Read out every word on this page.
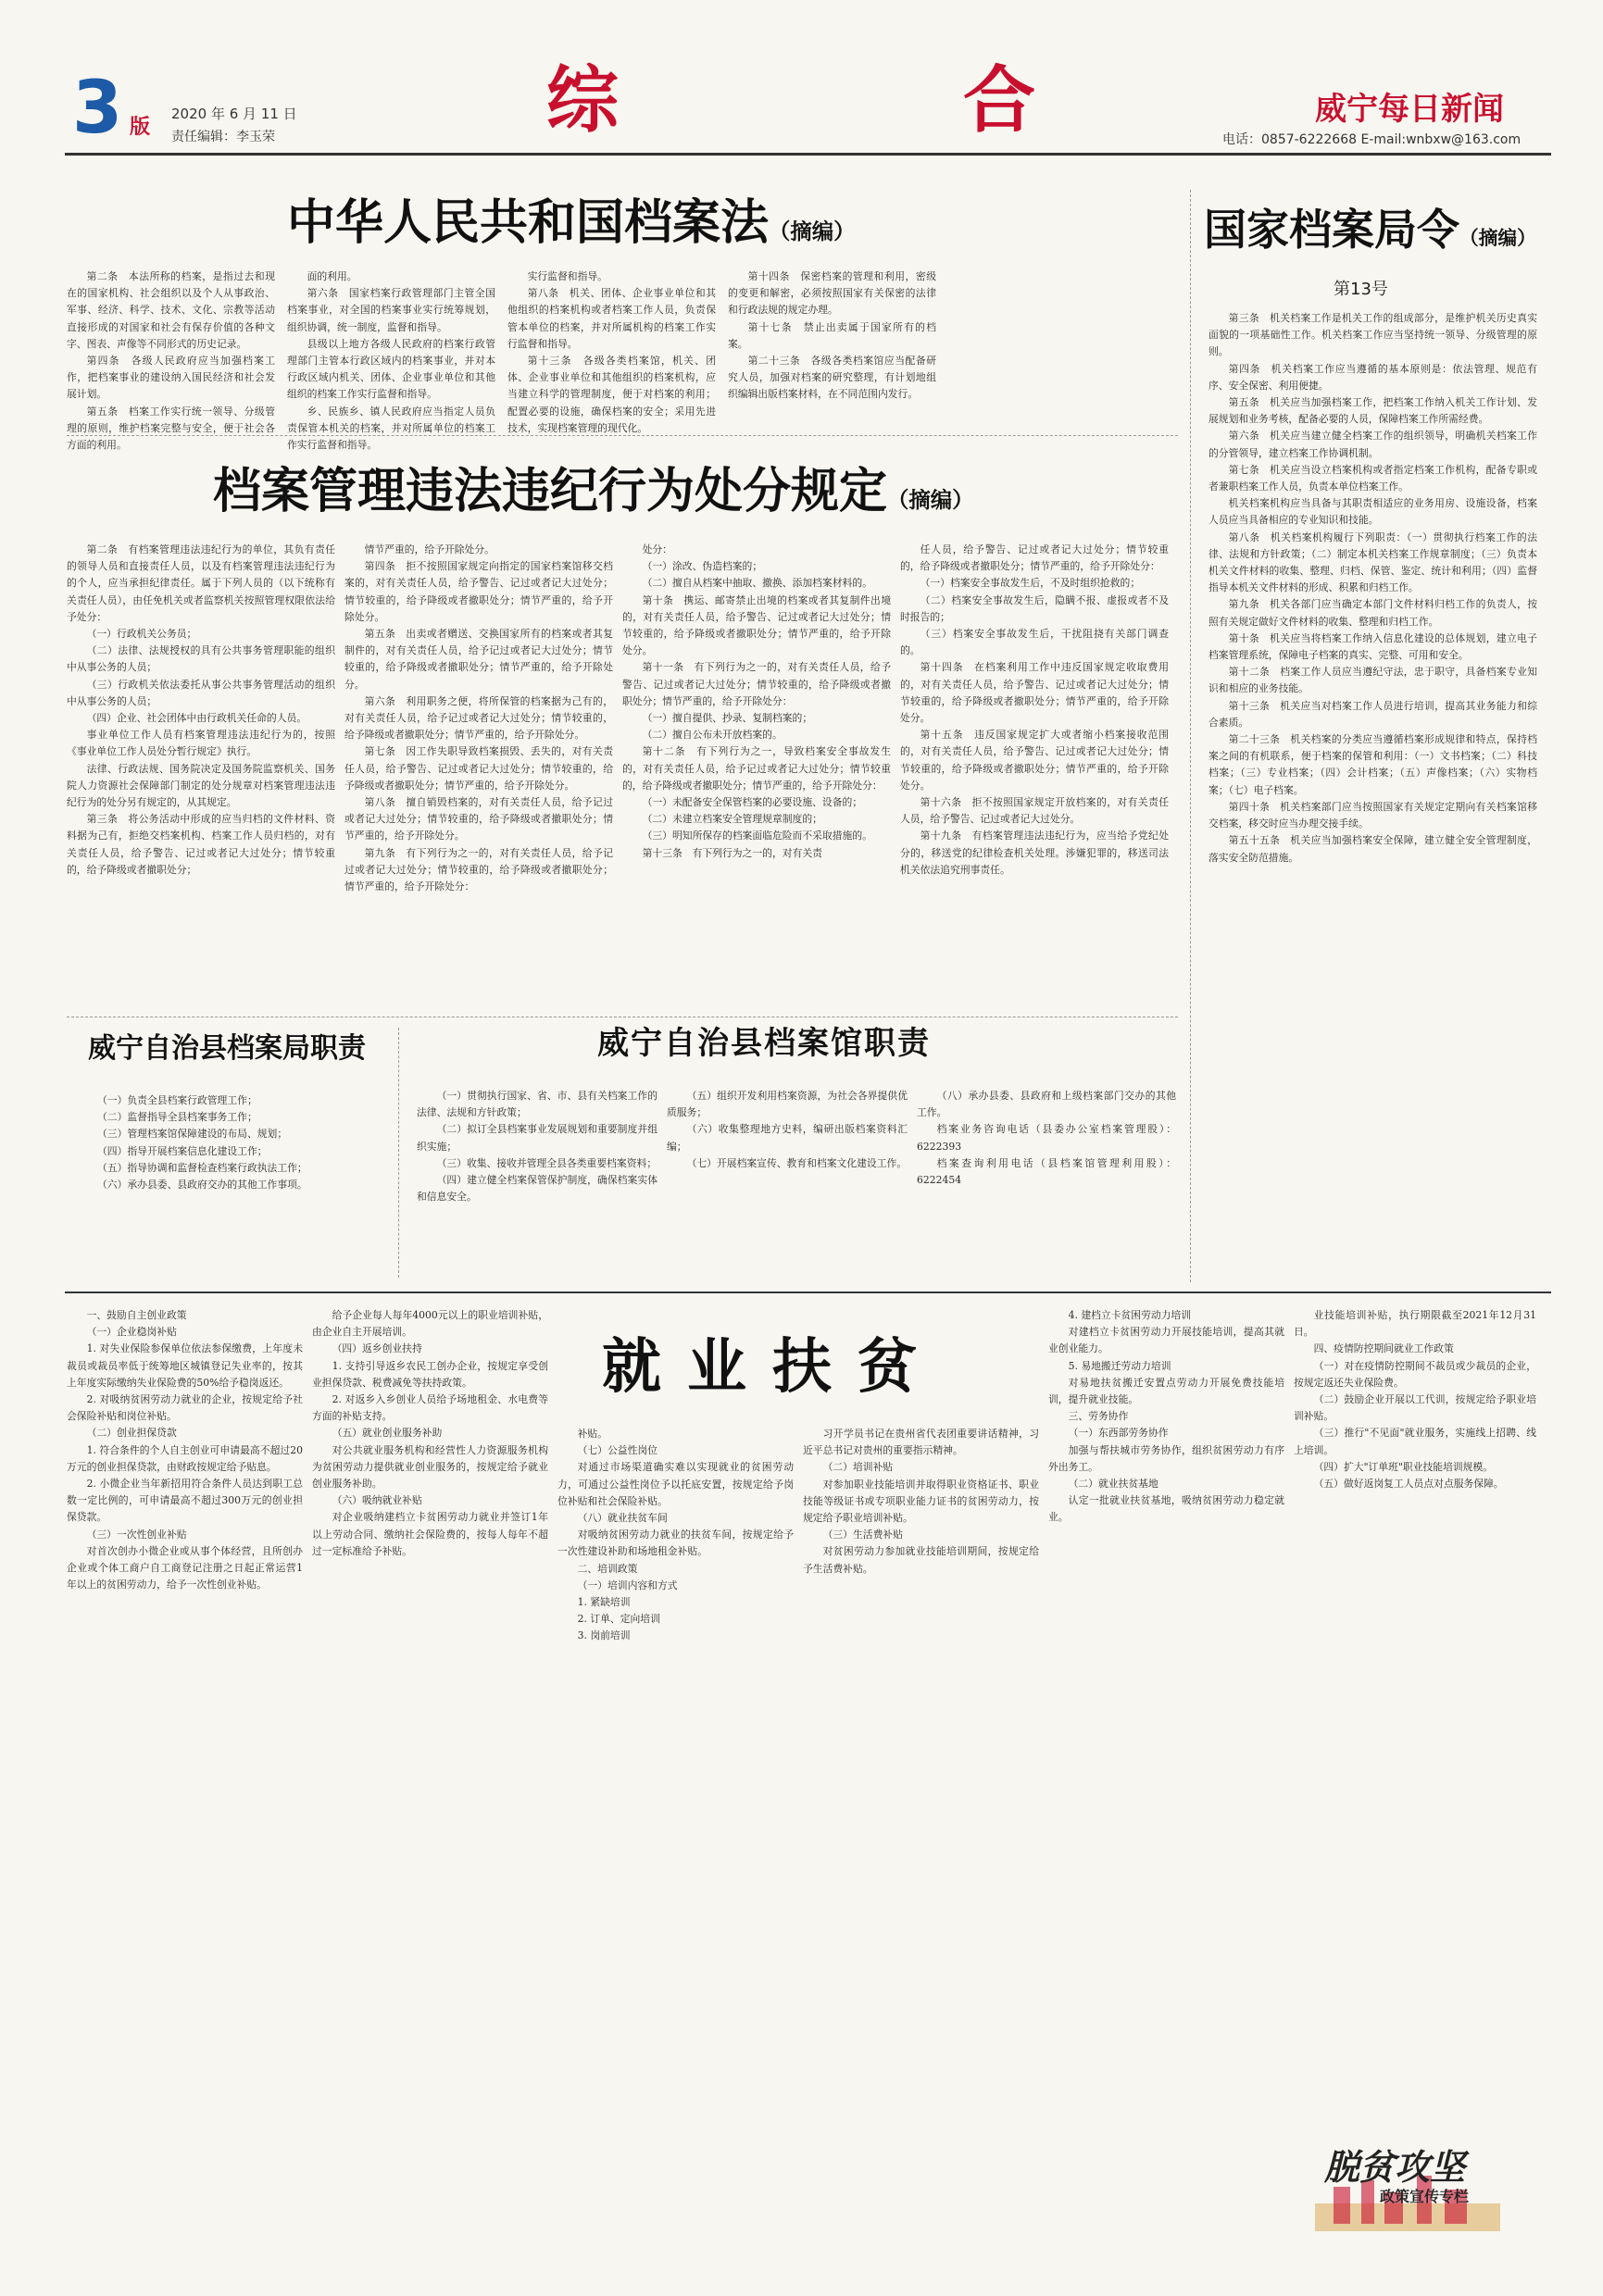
3 版
2020 年 6 月 11 日
责任编辑：李玉荣	综	合	威宁每日新闻
电话：0857-6222668 E-mail:wnbxw@163.com
中华人民共和国档案法（摘编）

第二条　本法所称的档案，是指过去和现在的国家机构、社会组织以及个人从事政治、军事、经济、科学、技术、文化、宗教等活动直接形成的对国家和社会有保存价值的各种文字、图表、声像等不同形式的历史记录。

第四条　各级人民政府应当加强档案工作，把档案事业的建设纳入国民经济和社会发展计划。

第五条　档案工作实行统一领导、分级管理的原则，维护档案完整与安全，便于社会各方面的利用。

面的利用。

第六条　国家档案行政管理部门主管全国档案事业，对全国的档案事业实行统筹规划，组织协调，统一制度，监督和指导。

县级以上地方各级人民政府的档案行政管理部门主管本行政区域内的档案事业，并对本行政区域内机关、团体、企业事业单位和其他组织的档案工作实行监督和指导。

乡、民族乡、镇人民政府应当指定人员负责保管本机关的档案，并对所属单位的档案工作实行监督和指导。

实行监督和指导。

第八条　机关、团体、企业事业单位和其他组织的档案机构或者档案工作人员，负责保管本单位的档案，并对所属机构的档案工作实行监督和指导。

第十三条　各级各类档案馆，机关、团体、企业事业单位和其他组织的档案机构，应当建立科学的管理制度，便于对档案的利用；配置必要的设施，确保档案的安全；采用先进技术，实现档案管理的现代化。

第十四条　保密档案的管理和利用，密级的变更和解密，必须按照国家有关保密的法律和行政法规的规定办理。

第十七条　禁止出卖属于国家所有的档案。

第二十三条　各级各类档案馆应当配备研究人员，加强对档案的研究整理，有计划地组织编辑出版档案材料，在不同范围内发行。

档案管理违法违纪行为处分规定（摘编）

第二条　有档案管理违法违纪行为的单位，其负有责任的领导人员和直接责任人员，以及有档案管理违法违纪行为的个人，应当承担纪律责任。属于下列人员的（以下统称有关责任人员），由任免机关或者监察机关按照管理权限依法给予处分：

（一）行政机关公务员；

（二）法律、法规授权的具有公共事务管理职能的组织中从事公务的人员；

（三）行政机关依法委托从事公共事务管理活动的组织中从事公务的人员；

（四）企业、社会团体中由行政机关任命的人员。

事业单位工作人员有档案管理违法违纪行为的，按照《事业单位工作人员处分暂行规定》执行。

法律、行政法规、国务院决定及国务院监察机关、国务院人力资源社会保障部门制定的处分规章对档案管理违法违纪行为的处分另有规定的，从其规定。

第三条　将公务活动中形成的应当归档的文件材料、资料据为己有，拒绝交档案机构、档案工作人员归档的，对有关责任人员，给予警告、记过或者记大过处分；情节较重的，给予降级或者撤职处分；

情节严重的，给予开除处分。

第四条　拒不按照国家规定向指定的国家档案馆移交档案的，对有关责任人员，给予警告、记过或者记大过处分；情节较重的，给予降级或者撤职处分；情节严重的，给予开除处分。

第五条　出卖或者赠送、交换国家所有的档案或者其复制件的，对有关责任人员，给予记过或者记大过处分；情节较重的，给予降级或者撤职处分；情节严重的，给予开除处分。

第六条　利用职务之便，将所保管的档案据为己有的，对有关责任人员，给予记过或者记大过处分；情节较重的，给予降级或者撤职处分；情节严重的，给予开除处分。

第七条　因工作失职导致档案损毁、丢失的，对有关责任人员，给予警告、记过或者记大过处分；情节较重的，给予降级或者撤职处分；情节严重的，给予开除处分。

第八条　擅自销毁档案的，对有关责任人员，给予记过或者记大过处分；情节较重的，给予降级或者撤职处分；情节严重的，给予开除处分。

第九条　有下列行为之一的，对有关责任人员，给予记过或者记大过处分；情节较重的，给予降级或者撤职处分；情节严重的，给予开除处分：

处分：

（一）涂改、伪造档案的；

（二）擅自从档案中抽取、撤换、添加档案材料的。

第十条　携运、邮寄禁止出境的档案或者其复制件出境的，对有关责任人员，给予警告、记过或者记大过处分；情节较重的，给予降级或者撤职处分；情节严重的，给予开除处分。

第十一条　有下列行为之一的，对有关责任人员，给予警告、记过或者记大过处分；情节较重的，给予降级或者撤职处分；情节严重的，给予开除处分：

（一）擅自提供、抄录、复制档案的；

（二）擅自公布未开放档案的。

第十二条　有下列行为之一，导致档案安全事故发生的，对有关责任人员，给予记过或者记大过处分；情节较重的，给予降级或者撤职处分；情节严重的，给予开除处分：

（一）未配备安全保管档案的必要设施、设备的；

（二）未建立档案安全管理规章制度的；

（三）明知所保存的档案面临危险而不采取措施的。

第十三条　有下列行为之一的，对有关责

任人员，给予警告、记过或者记大过处分；情节较重的，给予降级或者撤职处分；情节严重的，给予开除处分：

（一）档案安全事故发生后，不及时组织抢救的；

（二）档案安全事故发生后，隐瞒不报、虚报或者不及时报告的；

（三）档案安全事故发生后，干扰阻挠有关部门调查的。

第十四条　在档案利用工作中违反国家规定收取费用的，对有关责任人员，给予警告、记过或者记大过处分；情节较重的，给予降级或者撤职处分；情节严重的，给予开除处分。

第十五条　违反国家规定扩大或者缩小档案接收范围的，对有关责任人员，给予警告、记过或者记大过处分；情节较重的，给予降级或者撤职处分；情节严重的，给予开除处分。

第十六条　拒不按照国家规定开放档案的，对有关责任人员，给予警告、记过或者记大过处分。

第十九条　有档案管理违法违纪行为，应当给予党纪处分的，移送党的纪律检查机关处理。涉嫌犯罪的，移送司法机关依法追究刑事责任。

国家档案局令（摘编）
第13号

第三条　机关档案工作是机关工作的组成部分，是维护机关历史真实面貌的一项基础性工作。机关档案工作应当坚持统一领导、分级管理的原则。

第四条　机关档案工作应当遵循的基本原则是：依法管理、规范有序、安全保密、利用便捷。

第五条　机关应当加强档案工作，把档案工作纳入机关工作计划、发展规划和业务考核，配备必要的人员，保障档案工作所需经费。

第六条　机关应当建立健全档案工作的组织领导，明确机关档案工作的分管领导，建立档案工作协调机制。

第七条　机关应当设立档案机构或者指定档案工作机构，配备专职或者兼职档案工作人员，负责本单位档案工作。

机关档案机构应当具备与其职责相适应的业务用房、设施设备，档案人员应当具备相应的专业知识和技能。

第八条　机关档案机构履行下列职责：（一）贯彻执行档案工作的法律、法规和方针政策；（二）制定本机关档案工作规章制度；（三）负责本机关文件材料的收集、整理、归档、保管、鉴定、统计和利用；（四）监督指导本机关文件材料的形成、积累和归档工作。

第九条　机关各部门应当确定本部门文件材料归档工作的负责人，按照有关规定做好文件材料的收集、整理和归档工作。

第十条　机关应当将档案工作纳入信息化建设的总体规划，建立电子档案管理系统，保障电子档案的真实、完整、可用和安全。

第十二条　档案工作人员应当遵纪守法，忠于职守，具备档案专业知识和相应的业务技能。

第十三条　机关应当对档案工作人员进行培训，提高其业务能力和综合素质。

第二十三条　机关档案的分类应当遵循档案形成规律和特点，保持档案之间的有机联系，便于档案的保管和利用：（一）文书档案；（二）科技档案；（三）专业档案；（四）会计档案；（五）声像档案；（六）实物档案；（七）电子档案。

第四十条　机关档案部门应当按照国家有关规定定期向有关档案馆移交档案，移交时应当办理交接手续。

第五十五条　机关应当加强档案安全保障，建立健全安全管理制度，落实安全防范措施。

威宁自治县档案局职责
（一）负责全县档案行政管理工作；
（二）监督指导全县档案事务工作；
（三）管理档案馆保障建设的布局、规划；
（四）指导开展档案信息化建设工作；
（五）指导协调和监督检查档案行政执法工作；
（六）承办县委、县政府交办的其他工作事项。
威宁自治县档案馆职责

（一）贯彻执行国家、省、市、县有关档案工作的法律、法规和方针政策；

（二）拟订全县档案事业发展规划和重要制度并组织实施；

（三）收集、接收并管理全县各类重要档案资料；

（四）建立健全档案保管保护制度，确保档案实体和信息安全。

（五）组织开发利用档案资源，为社会各界提供优质服务；

（六）收集整理地方史料，编研出版档案资料汇编；

（七）开展档案宣传、教育和档案文化建设工作。

（八）承办县委、县政府和上级档案部门交办的其他工作。

档案业务咨询电话（县委办公室档案管理股）：6222393

档案查询利用电话（县档案馆管理利用股）：6222454

就业扶贫

一、鼓励自主创业政策

（一）企业稳岗补贴

1. 对失业保险参保单位依法参保缴费，上年度未裁员或裁员率低于统筹地区城镇登记失业率的，按其上年度实际缴纳失业保险费的50%给予稳岗返还。

2. 对吸纳贫困劳动力就业的企业，按规定给予社会保险补贴和岗位补贴。

（二）创业担保贷款

1. 符合条件的个人自主创业可申请最高不超过20万元的创业担保贷款，由财政按规定给予贴息。

2. 小微企业当年新招用符合条件人员达到职工总数一定比例的，可申请最高不超过300万元的创业担保贷款。

（三）一次性创业补贴

对首次创办小微企业或从事个体经营，且所创办企业或个体工商户自工商登记注册之日起正常运营1年以上的贫困劳动力，给予一次性创业补贴。

给予企业每人每年4000元以上的职业培训补贴，由企业自主开展培训。

（四）返乡创业扶持

1. 支持引导返乡农民工创办企业，按规定享受创业担保贷款、税费减免等扶持政策。

2. 对返乡入乡创业人员给予场地租金、水电费等方面的补贴支持。

（五）就业创业服务补助

对公共就业服务机构和经营性人力资源服务机构为贫困劳动力提供就业创业服务的，按规定给予就业创业服务补助。

（六）吸纳就业补贴

对企业吸纳建档立卡贫困劳动力就业并签订1年以上劳动合同、缴纳社会保险费的，按每人每年不超过一定标准给予补贴。

补贴。

（七）公益性岗位

对通过市场渠道确实难以实现就业的贫困劳动力，可通过公益性岗位予以托底安置，按规定给予岗位补贴和社会保险补贴。

（八）就业扶贫车间

对吸纳贫困劳动力就业的扶贫车间，按规定给予一次性建设补助和场地租金补贴。

二、培训政策

（一）培训内容和方式

1. 紧缺培训

2. 订单、定向培训

3. 岗前培训

习开学员书记在贵州省代表团重要讲话精神，习近平总书记对贵州的重要指示精神。

（二）培训补贴

对参加职业技能培训并取得职业资格证书、职业技能等级证书或专项职业能力证书的贫困劳动力，按规定给予职业培训补贴。

（三）生活费补贴

对贫困劳动力参加就业技能培训期间，按规定给予生活费补贴。

4. 建档立卡贫困劳动力培训

对建档立卡贫困劳动力开展技能培训，提高其就业创业能力。

5. 易地搬迁劳动力培训

对易地扶贫搬迁安置点劳动力开展免费技能培训，提升就业技能。

三、劳务协作

（一）东西部劳务协作

加强与帮扶城市劳务协作，组织贫困劳动力有序外出务工。

（二）就业扶贫基地

认定一批就业扶贫基地，吸纳贫困劳动力稳定就业。

业技能培训补贴，执行期限截至2021年12月31日。

四、疫情防控期间就业工作政策

（一）对在疫情防控期间不裁员或少裁员的企业，按规定返还失业保险费。

（二）鼓励企业开展以工代训，按规定给予职业培训补贴。

（三）推行"不见面"就业服务，实施线上招聘、线上培训。

（四）扩大"订单班"职业技能培训规模。

（五）做好返岗复工人员点对点服务保障。

脱贫攻坚
政策宣传专栏
